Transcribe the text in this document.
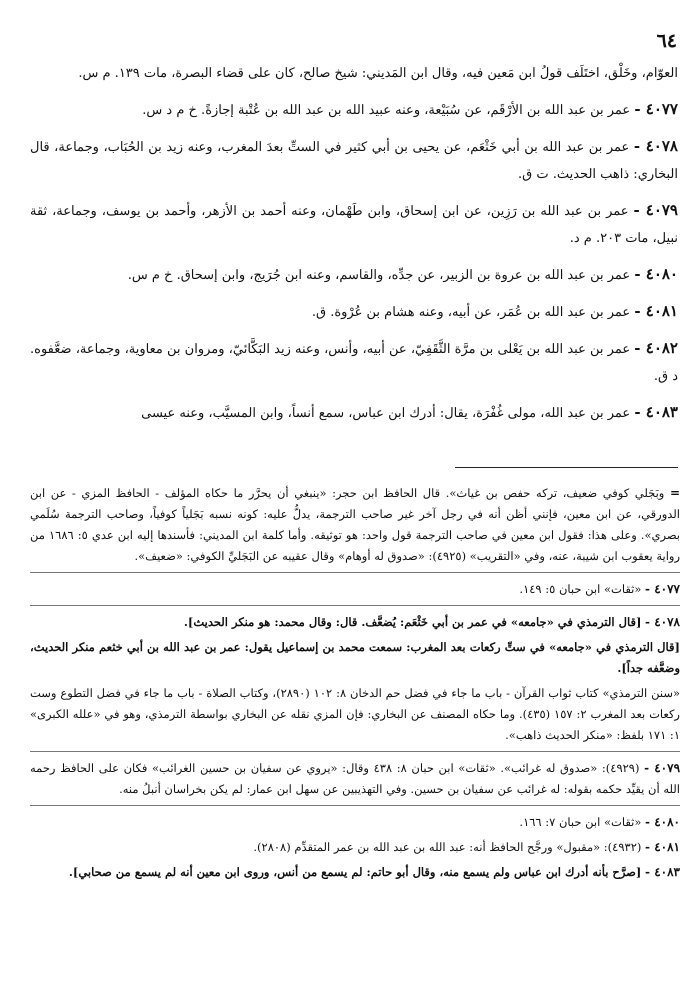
٦٤

العوّام، وخَلْق، اختَلَف قولُ ابن مَعين فيه، وقال ابن المَديني: شيخ صالح، كان على قضاء البصرة، مات ١٣٩. م س.

٤٠٧٧ - عمر بن عبد الله بن الأرْقَم، عن سُبَيْعة، وعنه عبيد الله بن عبد الله بن عُتْبة إجازةً. خ م د س.

٤٠٧٨ - عمر بن عبد الله بن أبي خَثْعَم، عن يحيى بن أبي كثير في الستِّ بعدَ المغرب، وعنه زيد بن الحُبَاب، وجماعة، قال البخاري: ذاهب الحديث. ت ق.

٤٠٧٩ - عمر بن عبد الله بن رَزِين، عن ابن إسحاق، وابن طَهْمان، وعنه أحمد بن الأزهر، وأحمد بن يوسف، وجماعة، ثقة نبيل، مات ٢٠٣. م د.

٤٠٨٠ - عمر بن عبد الله بن عروة بن الزبير، عن جدِّه، والقاسم، وعنه ابن جُرَيج، وابن إسحاق. خ م س.

٤٠٨١ - عمر بن عبد الله بن عُمَر، عن أبيه، وعنه هشام بن عُرْوة. ق.

٤٠٨٢ - عمر بن عبد الله بن يَعْلى بن مرَّة الثَّقَفِيّ، عن أبيه، وأنس، وعنه زيد البَكَّائيّ، ومروان بن معاوية، وجماعة، ضعَّفوه. د ق.

٤٠٨٣ - عمر بن عبد الله، مولى غُفْرَة، يقال: أدرك ابن عباس، سمع أنساً، وابن المسيَّب، وعنه عيسى

= وبَجَلي كوفي ضعيف، تركه حفص بن غياث». قال الحافظ ابن حجر: «ينبغي أن يحرَّر ما حكاه المؤلف - الحافظ المزي - عن ابن الدورقي، عن ابن معين، فإنني أظن أنه في رجل آخر غير صاحب الترجمة، يدلُّ عليه: كونه نسبه بَجَلياً كوفياً، وصاحب الترجمة سُلَمي بصري». وعلى هذا: فقول ابن معين في صاحب الترجمة قول واحد: هو توثيقه. وأما كلمة ابن المديني: فأسندها إليه ابن عدي ٥: ١٦٨٦ من رواية يعقوب ابن شيبة، عنه، وفي «التقريب» (٤٩٢٥): «صدوق له أوهام» وقال عقيبه عن البَجَليِّ الكوفي: «ضعيف».

٤٠٧٧ - «ثقات» ابن حبان ٥: ١٤٩.

٤٠٧٨ - [قال الترمذي في «جامعه» في عمر بن أبي خَثْعَم: يُضعَّف. قال: وقال محمد: هو منكر الحديث].

[قال الترمذي في «جامعه» في ستِّ ركعات بعد المغرب: سمعت محمد بن إسماعيل يقول: عمر بن عبد الله بن أبي خثعم منكر الحديث، وضعَّفه جداً].

«سنن الترمذي» كتاب ثواب القرآن - باب ما جاء في فضل حم الدخان ٨: ١٠٢ (٢٨٩٠)، وكتاب الصلاة - باب ما جاء في فضل التطوع وست ركعات بعد المغرب ٢: ١٥٧ (٤٣٥). وما حكاه المصنف عن البخاري: فإن المزي نقله عن البخاري بواسطة الترمذي، وهو في «علله الكبرى» ١: ١٧١ بلفظ: «منكر الحديث ذاهب».

٤٠٧٩ - (٤٩٢٩): «صدوق له غرائب». «ثقات» ابن حبان ٨: ٤٣٨ وقال: «يروي عن سفيان بن حسين الغرائب» فكان على الحافظ رحمه الله أن يقيِّد حكمه بقوله: له غرائب عن سفيان بن حسين. وفي التهذيبين عن سهل ابن عمار: لم يكن بخراسان أنبلُ منه.

٤٠٨٠ - «ثقات» ابن حبان ٧: ١٦٦.

٤٠٨١ - (٤٩٣٢): «مقبول» ورجَّح الحافظ أنه: عبد الله بن عبد الله بن عمر المتقدِّم (٢٨٠٨).

٤٠٨٣ - [صرَّح بأنه أدرك ابن عباس ولم يسمع منه، وقال أبو حاتم: لم يسمع من أنس، وروى ابن معين أنه لم يسمع من صحابي].
